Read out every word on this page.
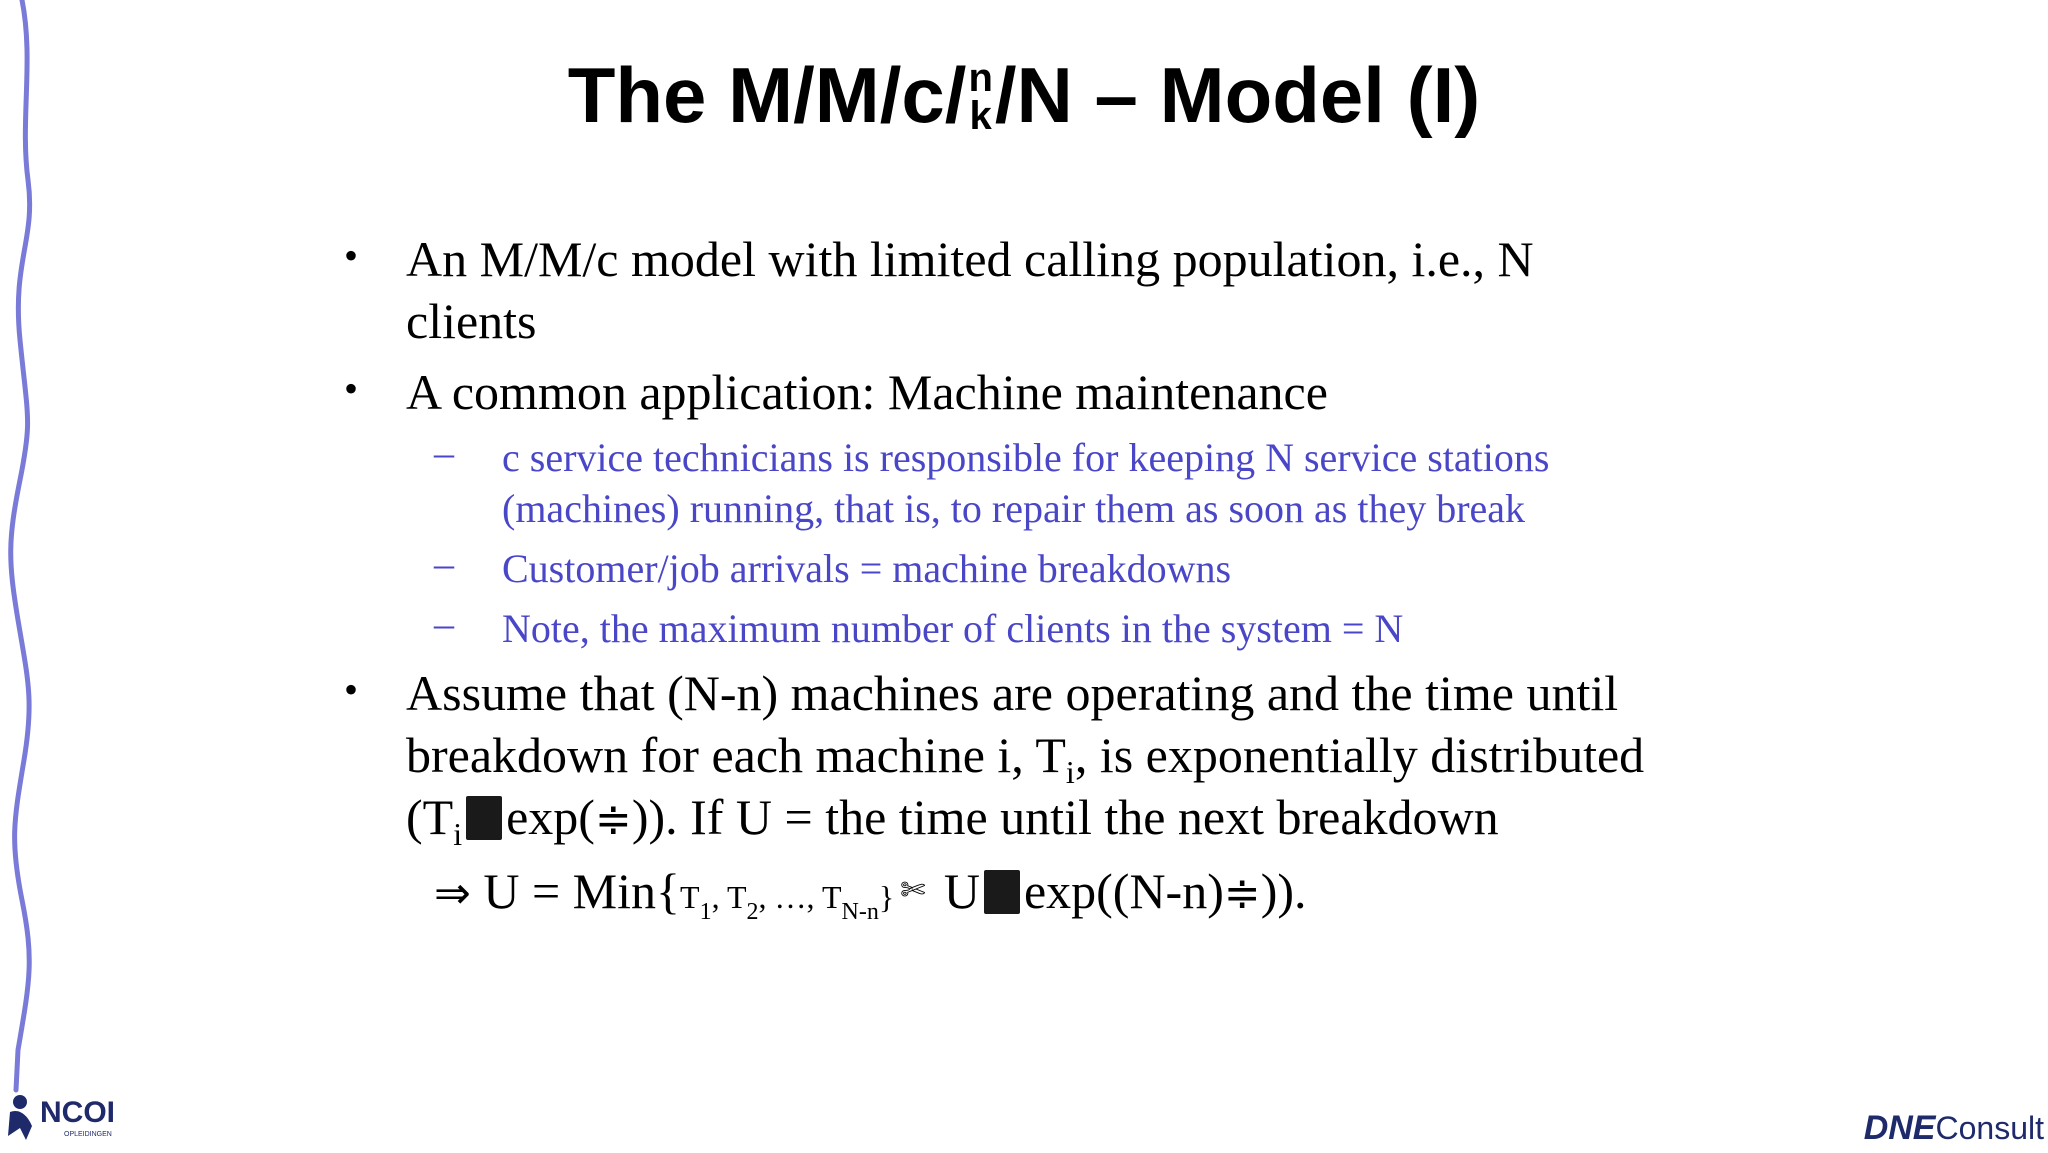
The M/M/c/ n
k /N – Model (I)
• An M/M/c model with limited calling population, i.e., N
clients
• A common application: Machine maintenance
– c service technicians is responsible for keeping N service stations
(machines) running, that is, to repair them as soon as they break
– Customer/job arrivals = machine breakdowns
– Note, the maximum number of clients in the system = N
• Assume that (N-n) machines are operating and the time until
breakdown for each machine i, $T_i$, is exponentially distributed
($T_i$ exp(≑)). If U = the time until the next breakdown
⇒ $U = Min\{T_1$, $T_2$, …, $T_{N-n}$} ✄ U exp((N-n)≑)).
NCOI
OPLEIDINGEN	DNEConsult
